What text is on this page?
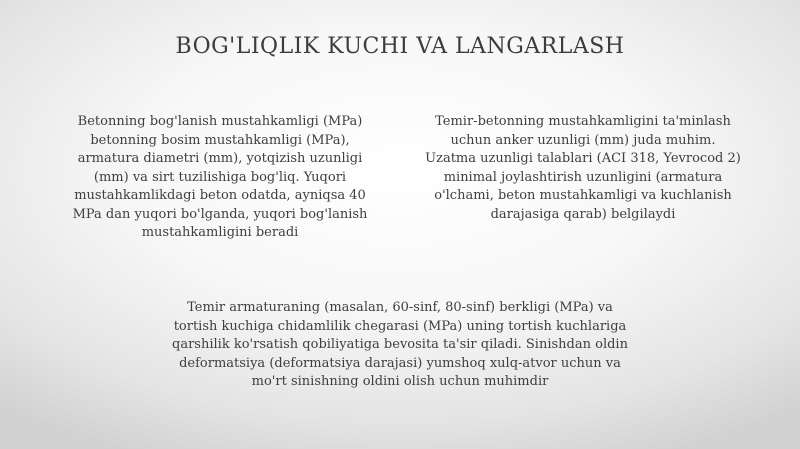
BOG'LIQLIK KUCHI VA LANGARLASH
Betonning bog'lanish mustahkamligi (MPa)
betonning bosim mustahkamligi (MPa),
armatura diametri (mm), yotqizish uzunligi
(mm) va sirt tuzilishiga bog'liq. Yuqori
mustahkamlikdagi beton odatda, ayniqsa 40
MPa dan yuqori bo'lganda, yuqori bog'lanish
mustahkamligini beradi
Temir-betonning mustahkamligini ta'minlash
uchun anker uzunligi (mm) juda muhim.
Uzatma uzunligi talablari (ACI 318, Yevrocod 2)
minimal joylashtirish uzunligini (armatura
o'lchami, beton mustahkamligi va kuchlanish
darajasiga qarab) belgilaydi
Temir armaturaning (masalan, 60-sinf, 80-sinf) berkligi (MPa) va
tortish kuchiga chidamlilik chegarasi (MPa) uning tortish kuchlariga
qarshilik ko'rsatish qobiliyatiga bevosita ta'sir qiladi. Sinishdan oldin
deformatsiya (deformatsiya darajasi) yumshoq xulq-atvor uchun va
mo'rt sinishning oldini olish uchun muhimdir
